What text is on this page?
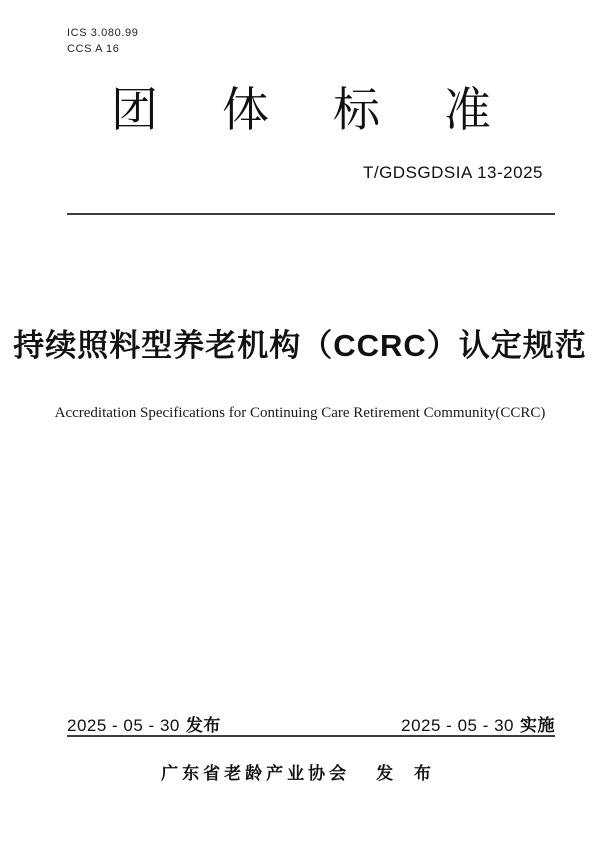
ICS 3.080.99
CCS A 16
团 体 标 准
T/GDSGDSIA 13-2025
持续照料型养老机构（CCRC）认定规范
Accreditation Specifications for Continuing Care Retirement Community(CCRC)
2025 - 05 - 30 发布	2025 - 05 - 30 实施
广东省老龄产业协会 发 布
